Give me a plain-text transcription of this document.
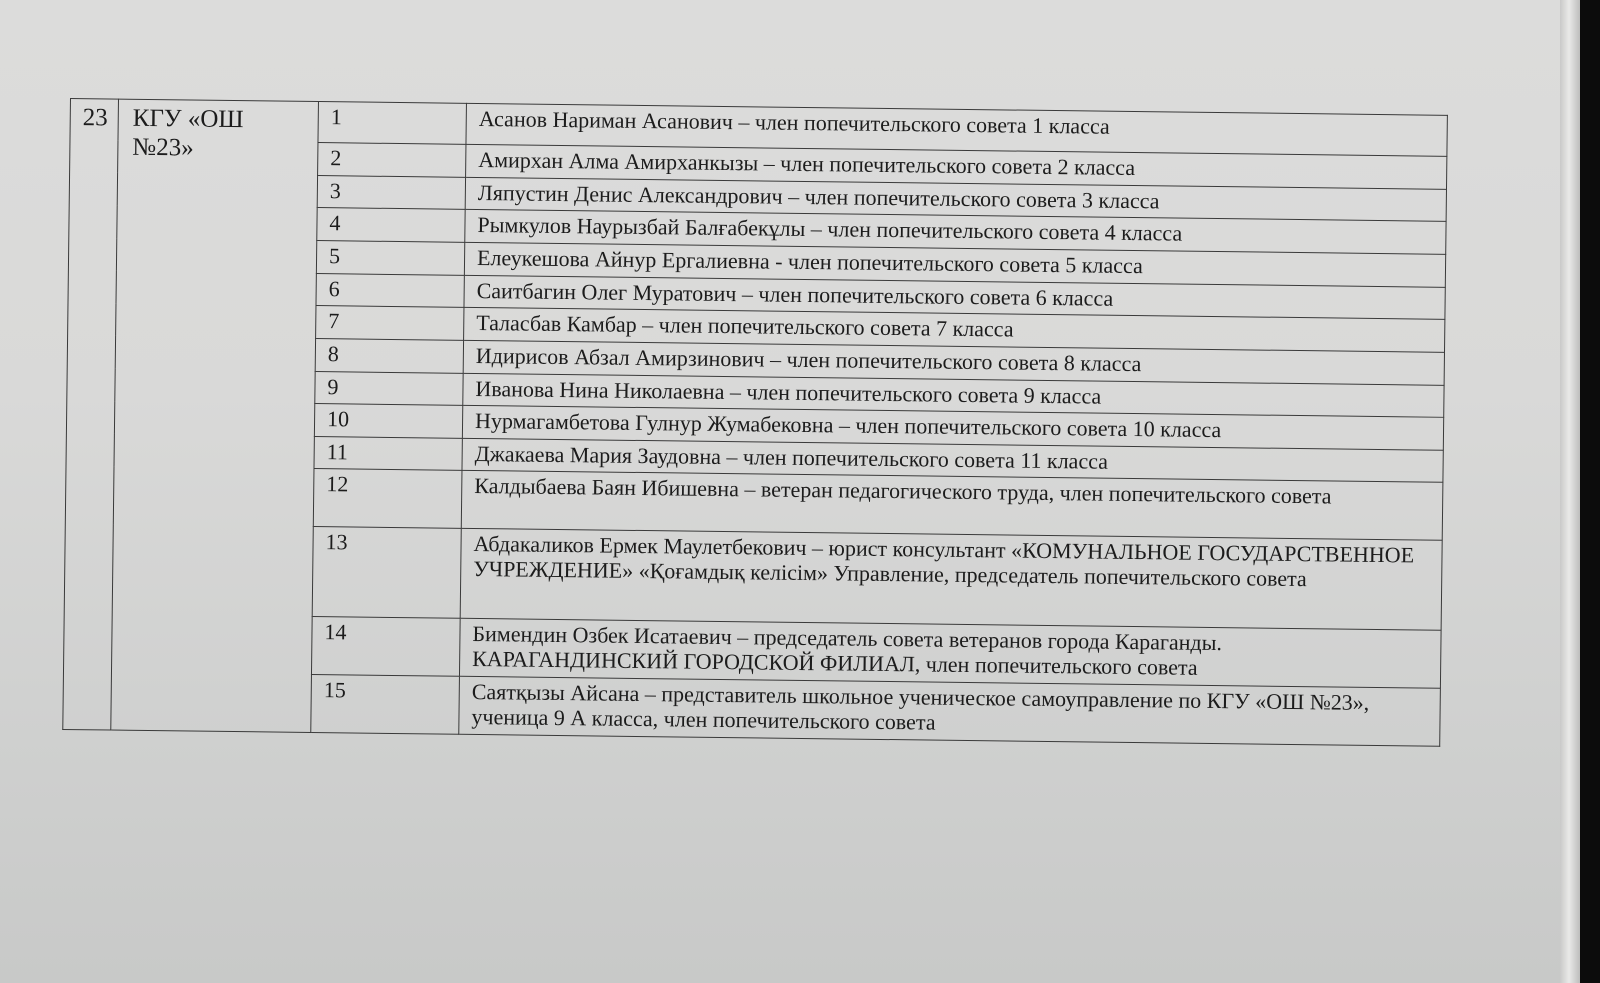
23	КГУ «ОШ №23»	1	Асанов Нариман Асанович – член попечительского совета 1 класса
		2	Амирхан Алма Амирханкызы – член попечительского совета 2 класса
		3	Ляпустин Денис Александрович – член попечительского совета 3 класса
		4	Рымкулов Наурызбай Балғабекұлы – член попечительского совета 4 класса
		5	Елеукешова Айнур Ергалиевна - член попечительского совета 5 класса
		6	Саитбагин Олег Муратович – член попечительского совета 6 класса
		7	Таласбав Камбар – член попечительского совета 7 класса
		8	Идирисов Абзал Амирзинович – член попечительского совета 8 класса
		9	Иванова Нина Николаевна – член попечительского совета 9 класса
		10	Нурмагамбетова Гулнур Жумабековна – член попечительского совета 10 класса
		11	Джакаева Мария Заудовна – член попечительского совета 11 класса
		12	Калдыбаева Баян Ибишевна – ветеран педагогического труда, член попечительского совета
		13	Абдакаликов Ермек Маулетбекович – юрист консультант «КОМУНАЛЬНОЕ ГОСУДАРСТВЕННОЕ УЧРЕЖДЕНИЕ» «Қоғамдық келісім» Управление, председатель попечительского совета
		14	Бимендин Озбек Исатаевич – председатель совета ветеранов города Караганды. КАРАГАНДИНСКИЙ ГОРОДСКОЙ ФИЛИАЛ, член попечительского совета
		15	Саятқызы Айсана – представитель школьное ученическое самоуправление по КГУ «ОШ №23», ученица 9 А класса, член попечительского совета
